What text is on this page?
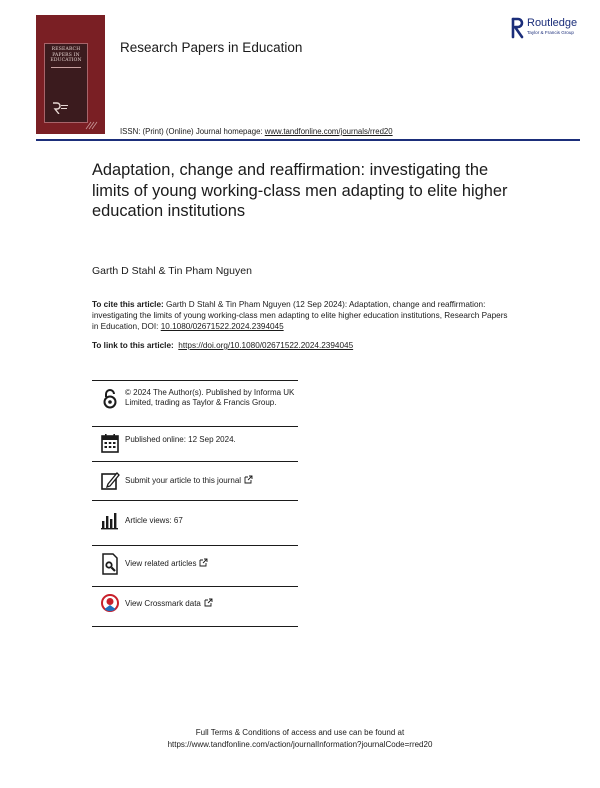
RESEARCH
PAPERS IN
EDUCATION
Research Papers in Education
Routledge
Taylor & Francis Group
ISSN: (Print) (Online) Journal homepage: www.tandfonline.com/journals/rred20
Adaptation, change and reaffirmation: investigating the limits of young working-class men adapting to elite higher education institutions
Garth D Stahl & Tin Pham Nguyen
To cite this article: Garth D Stahl & Tin Pham Nguyen (12 Sep 2024): Adaptation, change and reaffirmation: investigating the limits of young working-class men adapting to elite higher education institutions, Research Papers in Education, DOI: 10.1080/02671522.2024.2394045
To link to this article: https://doi.org/10.1080/02671522.2024.2394045
© 2024 The Author(s). Published by Informa UK Limited, trading as Taylor & Francis Group.
Published online: 12 Sep 2024.
Submit your article to this journal
Article views: 67
View related articles
View Crossmark data
Full Terms & Conditions of access and use can be found at
https://www.tandfonline.com/action/journalInformation?journalCode=rred20
